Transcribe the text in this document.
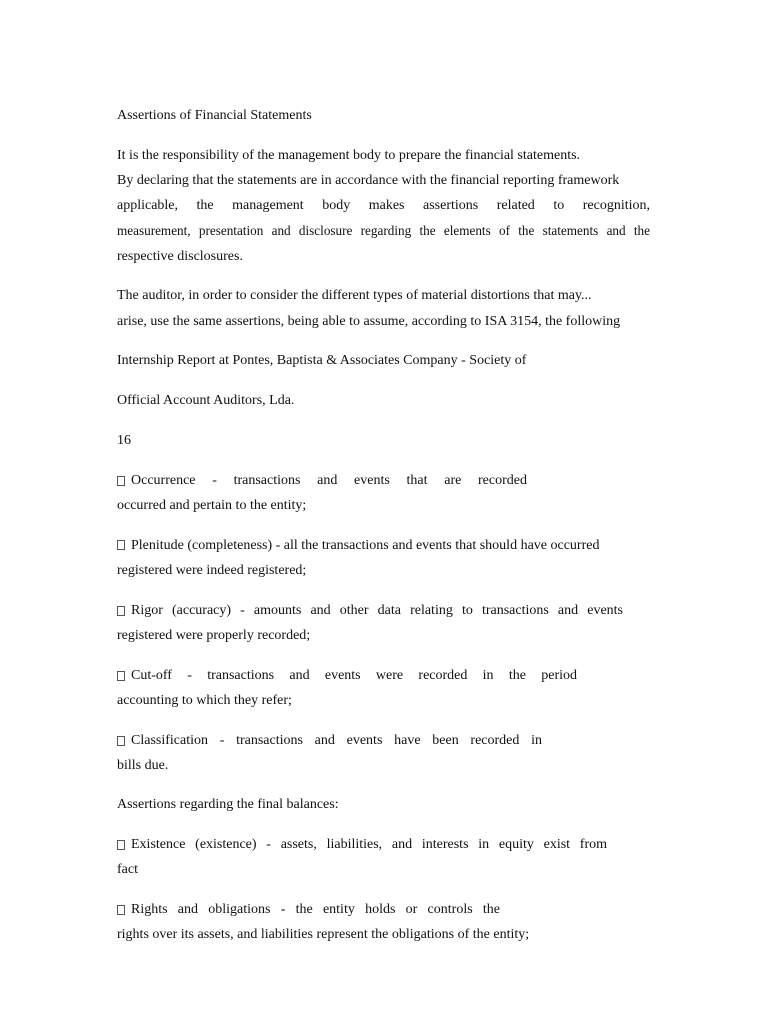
Assertions of Financial Statements
It is the responsibility of the management body to prepare the financial statements.
By declaring that the statements are in accordance with the financial reporting framework
applicable, the management body makes assertions related to recognition,
measurement, presentation and disclosure regarding the elements of the statements and the
respective disclosures.
The auditor, in order to consider the different types of material distortions that may...
arise, use the same assertions, being able to assume, according to ISA 3154, the following
Internship Report at Pontes, Baptista & Associates Company - Society of
Official Account Auditors, Lda.
16
Occurrence - transactions and events that are recorded
occurred and pertain to the entity;
Plenitude (completeness) - all the transactions and events that should have occurred
registered were indeed registered;
Rigor (accuracy) - amounts and other data relating to transactions and events
registered were properly recorded;
Cut-off - transactions and events were recorded in the period
accounting to which they refer;
Classification - transactions and events have been recorded in
bills due.
Assertions regarding the final balances:
Existence (existence) - assets, liabilities, and interests in equity exist from
fact
Rights and obligations - the entity holds or controls the
rights over its assets, and liabilities represent the obligations of the entity;
